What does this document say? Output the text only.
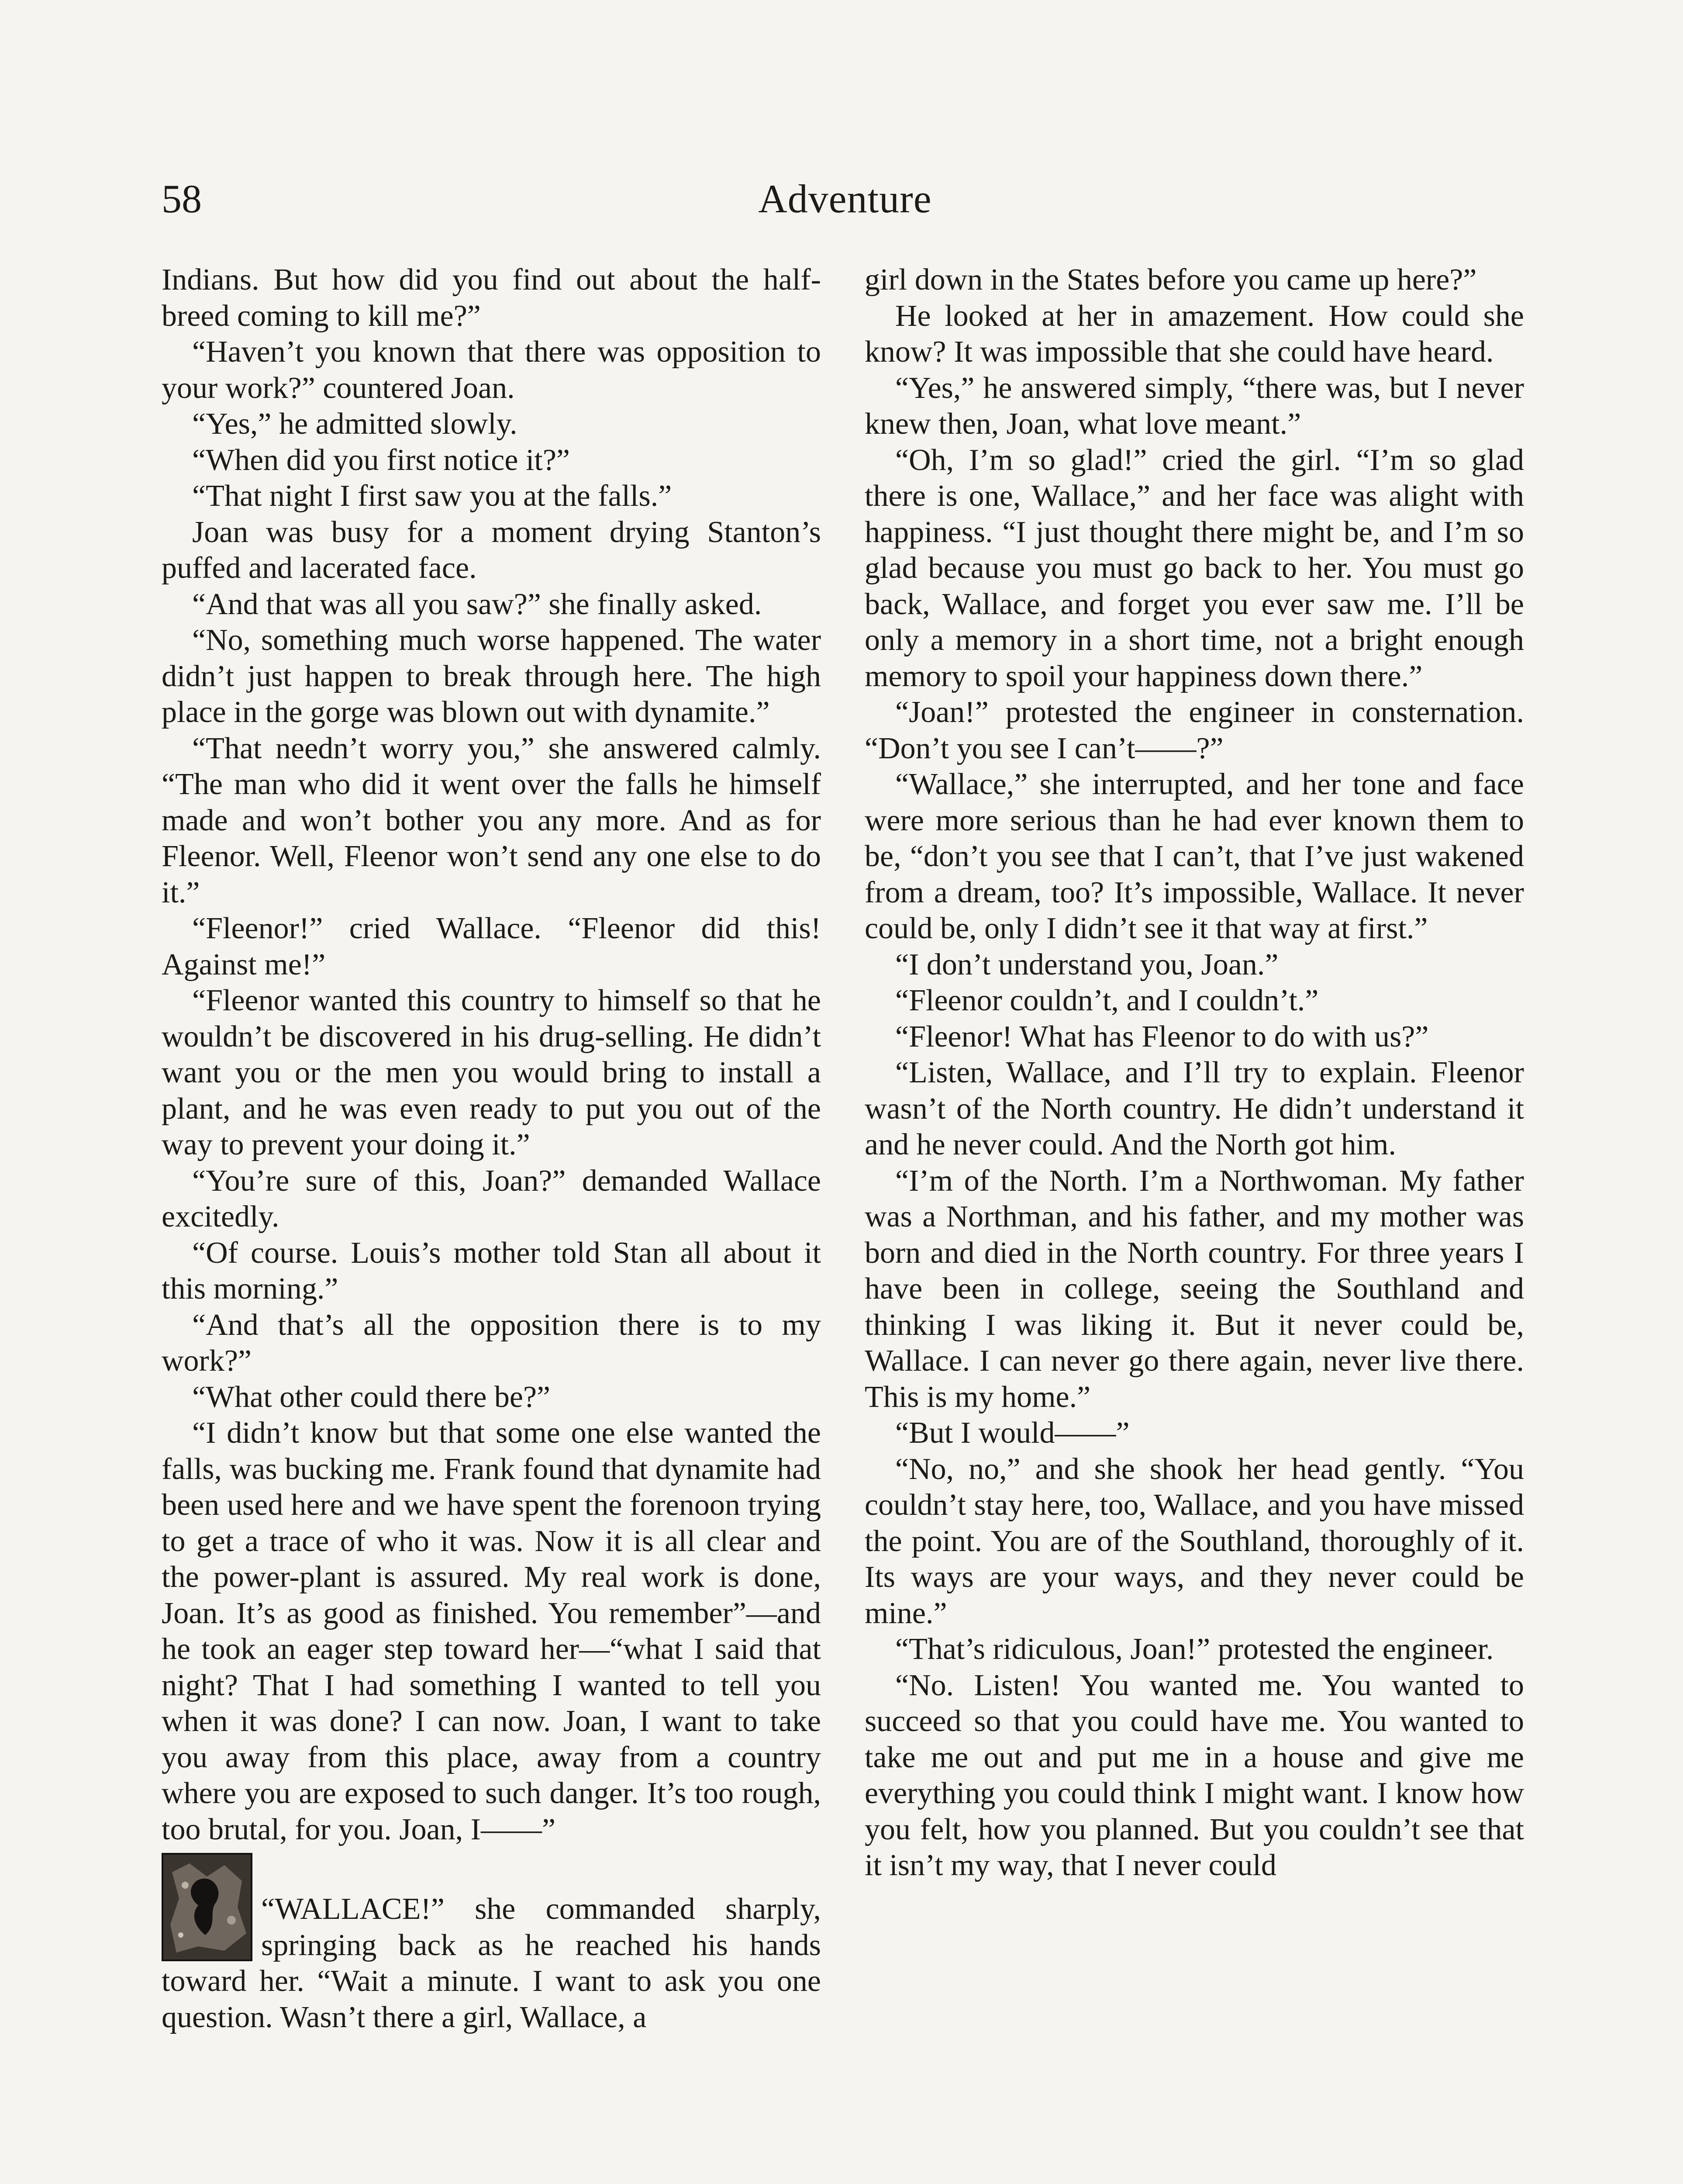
58	Adventure

Indians. But how did you find out about the half-breed coming to kill me?”

“Haven’t you known that there was opposition to your work?” countered Joan.

“Yes,” he admitted slowly.

“When did you first notice it?”

“That night I first saw you at the falls.”

Joan was busy for a moment drying Stanton’s puffed and lacerated face.

“And that was all you saw?” she finally asked.

“No, something much worse happened. The water didn’t just happen to break through here. The high place in the gorge was blown out with dynamite.”

“That needn’t worry you,” she answered calmly. “The man who did it went over the falls he himself made and won’t bother you any more. And as for Fleenor. Well, Fleenor won’t send any one else to do it.”

“Fleenor!” cried Wallace. “Fleenor did this! Against me!”

“Fleenor wanted this country to himself so that he wouldn’t be discovered in his drug-selling. He didn’t want you or the men you would bring to install a plant, and he was even ready to put you out of the way to prevent your doing it.”

“You’re sure of this, Joan?” demanded Wallace excitedly.

“Of course. Louis’s mother told Stan all about it this morning.”

“And that’s all the opposition there is to my work?”

“What other could there be?”

“I didn’t know but that some one else wanted the falls, was bucking me. Frank found that dynamite had been used here and we have spent the forenoon trying to get a trace of who it was. Now it is all clear and the power-plant is assured. My real work is done, Joan. It’s as good as finished. You remember”—and he took an eager step toward her—“what I said that night? That I had something I wanted to tell you when it was done? I can now. Joan, I want to take you away from this place, away from a country where you are exposed to such danger. It’s too rough, too brutal, for you. Joan, I——”

“WALLACE!” she commanded sharply, springing back as he reached his hands toward her. “Wait a minute. I want to ask you one question. Wasn’t there a girl, Wallace, a

girl down in the States before you came up here?”

He looked at her in amazement. How could she know? It was impossible that she could have heard.

“Yes,” he answered simply, “there was, but I never knew then, Joan, what love meant.”

“Oh, I’m so glad!” cried the girl. “I’m so glad there is one, Wallace,” and her face was alight with happiness. “I just thought there might be, and I’m so glad because you must go back to her. You must go back, Wallace, and forget you ever saw me. I’ll be only a memory in a short time, not a bright enough memory to spoil your happiness down there.”

“Joan!” protested the engineer in consternation. “Don’t you see I can’t——?”

“Wallace,” she interrupted, and her tone and face were more serious than he had ever known them to be, “don’t you see that I can’t, that I’ve just wakened from a dream, too? It’s impossible, Wallace. It never could be, only I didn’t see it that way at first.”

“I don’t understand you, Joan.”

“Fleenor couldn’t, and I couldn’t.”

“Fleenor! What has Fleenor to do with us?”

“Listen, Wallace, and I’ll try to explain. Fleenor wasn’t of the North country. He didn’t understand it and he never could. And the North got him.

“I’m of the North. I’m a Northwoman. My father was a Northman, and his father, and my mother was born and died in the North country. For three years I have been in college, seeing the Southland and thinking I was liking it. But it never could be, Wallace. I can never go there again, never live there. This is my home.”

“But I would——”

“No, no,” and she shook her head gently. “You couldn’t stay here, too, Wallace, and you have missed the point. You are of the Southland, thoroughly of it. Its ways are your ways, and they never could be mine.”

“That’s ridiculous, Joan!” protested the engineer.

“No. Listen! You wanted me. You wanted to succeed so that you could have me. You wanted to take me out and put me in a house and give me everything you could think I might want. I know how you felt, how you planned. But you couldn’t see that it isn’t my way, that I never could
